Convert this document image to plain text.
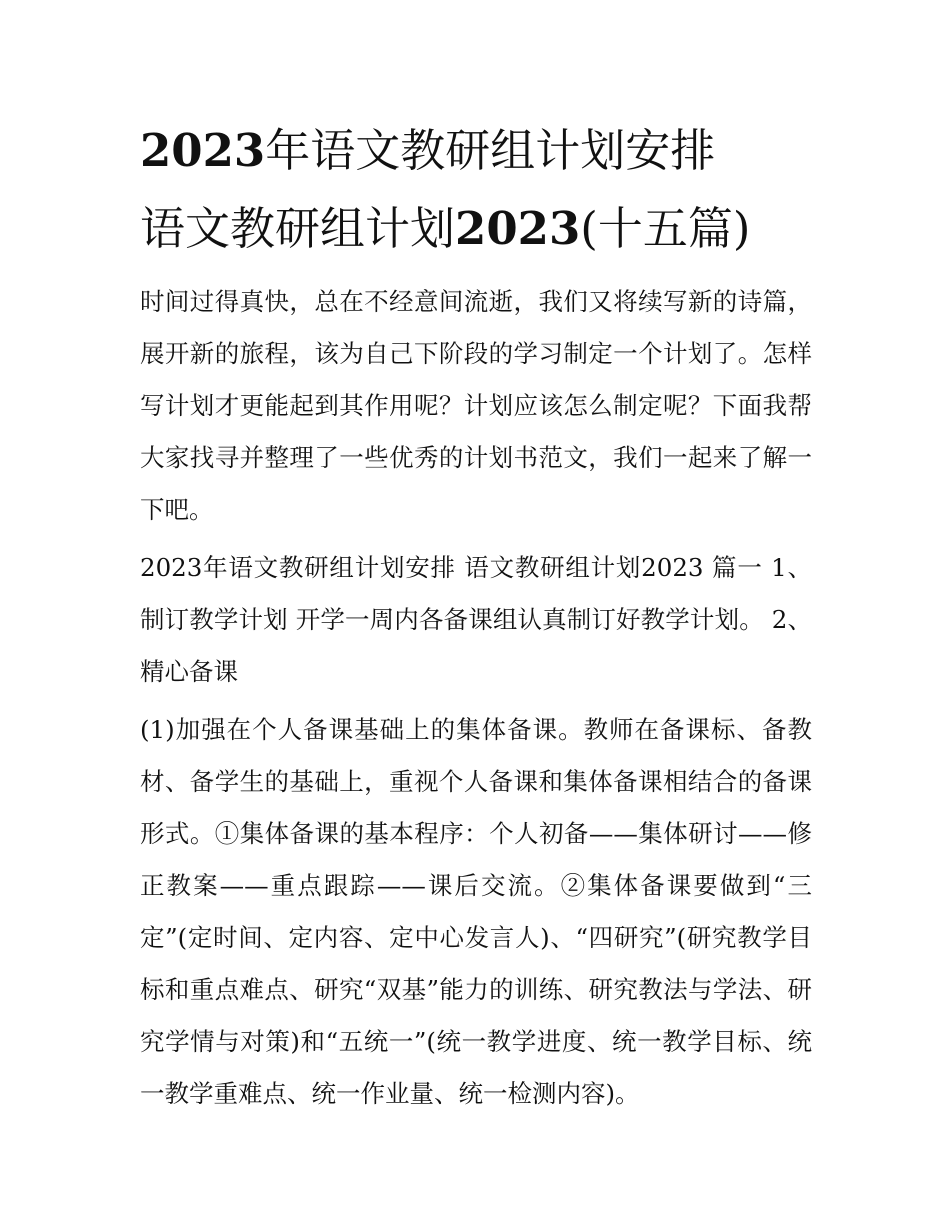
2023年语文教研组计划安排
语文教研组计划2023(十五篇)

时间过得真快，总在不经意间流逝，我们又将续写新的诗篇，展开新的旅程，该为自己下阶段的学习制定一个计划了。怎样写计划才更能起到其作用呢？计划应该怎么制定呢？下面我帮大家找寻并整理了一些优秀的计划书范文，我们一起来了解一下吧。

2023年语文教研组计划安排 语文教研组计划2023 篇一 1、制订教学计划 开学一周内各备课组认真制订好教学计划。 2、精心备课

(1)加强在个人备课基础上的集体备课。教师在备课标、备教材、备学生的基础上，重视个人备课和集体备课相结合的备课形式。①集体备课的基本程序：个人初备——集体研讨——修正教案——重点跟踪——课后交流。②集体备课要做到“三定”(定时间、定内容、定中心发言人)、“四研究”(研究教学目标和重点难点、研究“双基”能力的训练、研究教法与学法、研究学情与对策)和“五统一”(统一教学进度、统一教学目标、统一教学重难点、统一作业量、统一检测内容)。
